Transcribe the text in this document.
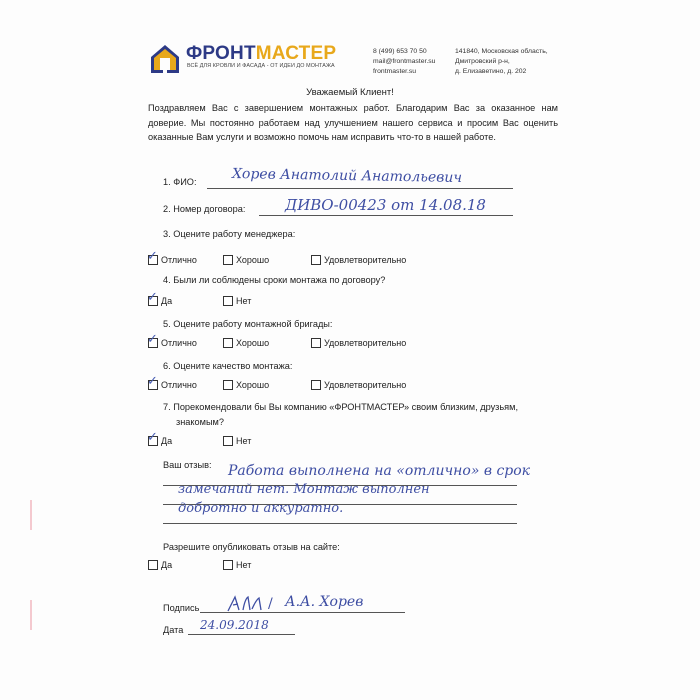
ФРОНТМАСТЕР
ВСЁ ДЛЯ КРОВЛИ И ФАСАДА - ОТ ИДЕИ ДО МОНТАЖА
8 (499) 653 70 50
mail@frontmaster.su
frontmaster.su
141840, Московская область,
Дмитровский р-н,
д. Елизаветино, д. 202
Уважаемый Клиент!
Поздравляем Вас с завершением монтажных работ. Благодарим Вас за оказанное нам доверие. Мы постоянно работаем над улучшением нашего сервиса и просим Вас оценить оказанные Вам услуги и возможно помочь нам исправить что-то в нашей работе.
1. ФИО:	Хорев Анатолий Анатольевич
2. Номер договора:	ДИВО-00423 от 14.08.18
3. Оцените работу менеджера:
✓ Отлично	Хорошо	Удовлетворительно
4. Были ли соблюдены сроки монтажа по договору?
✓ Да	Нет
5. Оцените работу монтажной бригады:
✓ Отлично	Хорошо	Удовлетворительно
6. Оцените качество монтажа:
✓ Отлично	Хорошо	Удовлетворительно
7. Порекомендовали бы Вы компанию «ФРОНТМАСТЕР» своим близким, друзьям,
знакомым?
✓ Да	Нет
Ваш отзыв: Работа выполнена на «отлично» в срок
замечаний нет. Монтаж выполнен
добротно и аккуратно.
Разрешите опубликовать отзыв на сайте:
Да	Нет
Подпись	/ А.А. Хорев
Дата 24.09.2018
